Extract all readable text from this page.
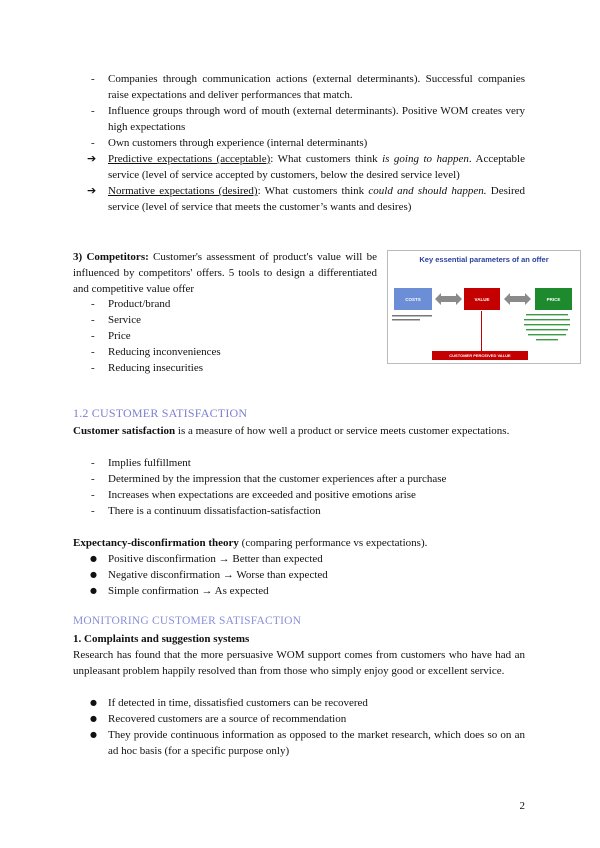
- Companies through communication actions (external determinants). Successful companies raise expectations and deliver performances that match.
- Influence groups through word of mouth (external determinants). Positive WOM creates very high expectations
- Own customers through experience (internal determinants)
➔ Predictive expectations (acceptable): What customers think is going to happen. Acceptable service (level of service accepted by customers, below the desired service level)
➔ Normative expectations (desired): What customers think could and should happen. Desired service (level of service that meets the customer’s wants and desires)
3) Competitors: Customer's assessment of product's value will be influenced by competitors' offers. 5 tools to design a differentiated and competitive value offer
- Product/brand
- Service
- Price
- Reducing inconveniences
- Reducing insecurities
Key essential parameters of an offer
COSTS	VALUE	PRICE
CUSTOMER PERCEIVED VALUE
1.2 CUSTOMER SATISFACTION
Customer satisfaction is a measure of how well a product or service meets customer expectations.
- Implies fulfillment
- Determined by the impression that the customer experiences after a purchase
- Increases when expectations are exceeded and positive emotions arise
- There is a continuum dissatisfaction-satisfaction
Expectancy-disconfirmation theory (comparing performance vs expectations).
● Positive disconfirmation → Better than expected
● Negative disconfirmation → Worse than expected
● Simple confirmation → As expected
MONITORING CUSTOMER SATISFACTION
1. Complaints and suggestion systems
Research has found that the more persuasive WOM support comes from customers who have had an unpleasant problem happily resolved than from those who simply enjoy good or excellent service.
● If detected in time, dissatisfied customers can be recovered
● Recovered customers are a source of recommendation
● They provide continuous information as opposed to the market research, which does so on an ad hoc basis (for a specific purpose only)
2
